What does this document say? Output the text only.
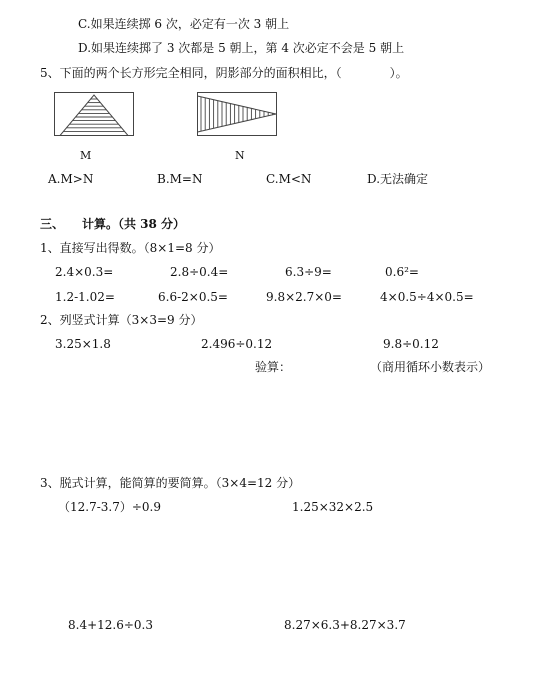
C.如果连续掷 6 次，必定有一次 3 朝上
D.如果连续掷了 3 次都是 5 朝上，第 4 次必定不会是 5 朝上
5、下面的两个长方形完全相同，阴影部分的面积相比，（　　　　）。
M	N
A.M>N	B.M=N	C.M<N	D.无法确定
三、 计算。（共 38 分）
1、直接写出得数。（8×1=8 分）
2.4×0.3=	2.8÷0.4=	6.3÷9=	0.6²=
1.2-1.02=	6.6-2×0.5=	9.8×2.7×0=	4×0.5÷4×0.5=
2、列竖式计算（3×3=9 分）
3.25×1.8	2.496÷0.12	9.8÷0.12
验算：	（商用循环小数表示）
3、脱式计算，能简算的要简算。（3×4=12 分）
（12.7-3.7）÷0.9	1.25×32×2.5
8.4+12.6÷0.3	8.27×6.3+8.27×3.7
